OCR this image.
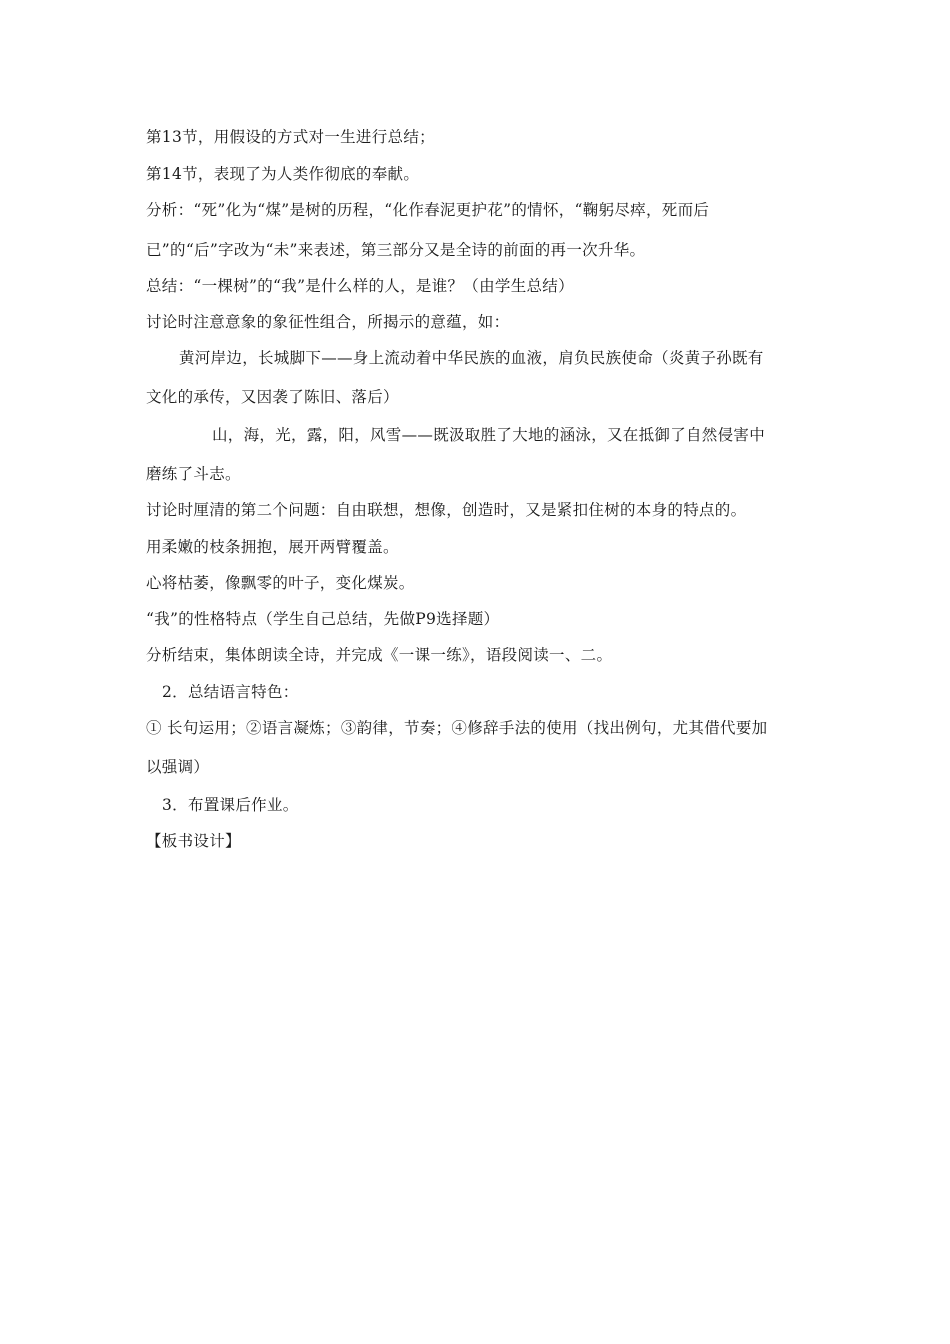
第13节，用假设的方式对一生进行总结；
第14节，表现了为人类作彻底的奉献。
分析：“死”化为“煤”是树的历程，“化作春泥更护花”的情怀，“鞠躬尽瘁，死而后
已”的“后”字改为“未”来表述，第三部分又是全诗的前面的再一次升华。
总结：“一棵树”的“我”是什么样的人，是谁？（由学生总结）
讨论时注意意象的象征性组合，所揭示的意蕴，如：
黄河岸边，长城脚下——身上流动着中华民族的血液，肩负民族使命（炎黄子孙既有
文化的承传，又因袭了陈旧、落后）
山，海，光，露，阳，风雪——既汲取胜了大地的涵泳，又在抵御了自然侵害中
磨练了斗志。
讨论时厘清的第二个问题：自由联想，想像，创造时，又是紧扣住树的本身的特点的。
用柔嫩的枝条拥抱，展开两臂覆盖。
心将枯萎，像飘零的叶子，变化煤炭。
“我”的性格特点（学生自己总结，先做P9选择题）
分析结束，集体朗读全诗，并完成《一课一练》，语段阅读一、二。
2．总结语言特色：
① 长句运用；②语言凝炼；③韵律，节奏；④修辞手法的使用（找出例句，尤其借代要加
以强调）
3．布置课后作业。
【板书设计】
